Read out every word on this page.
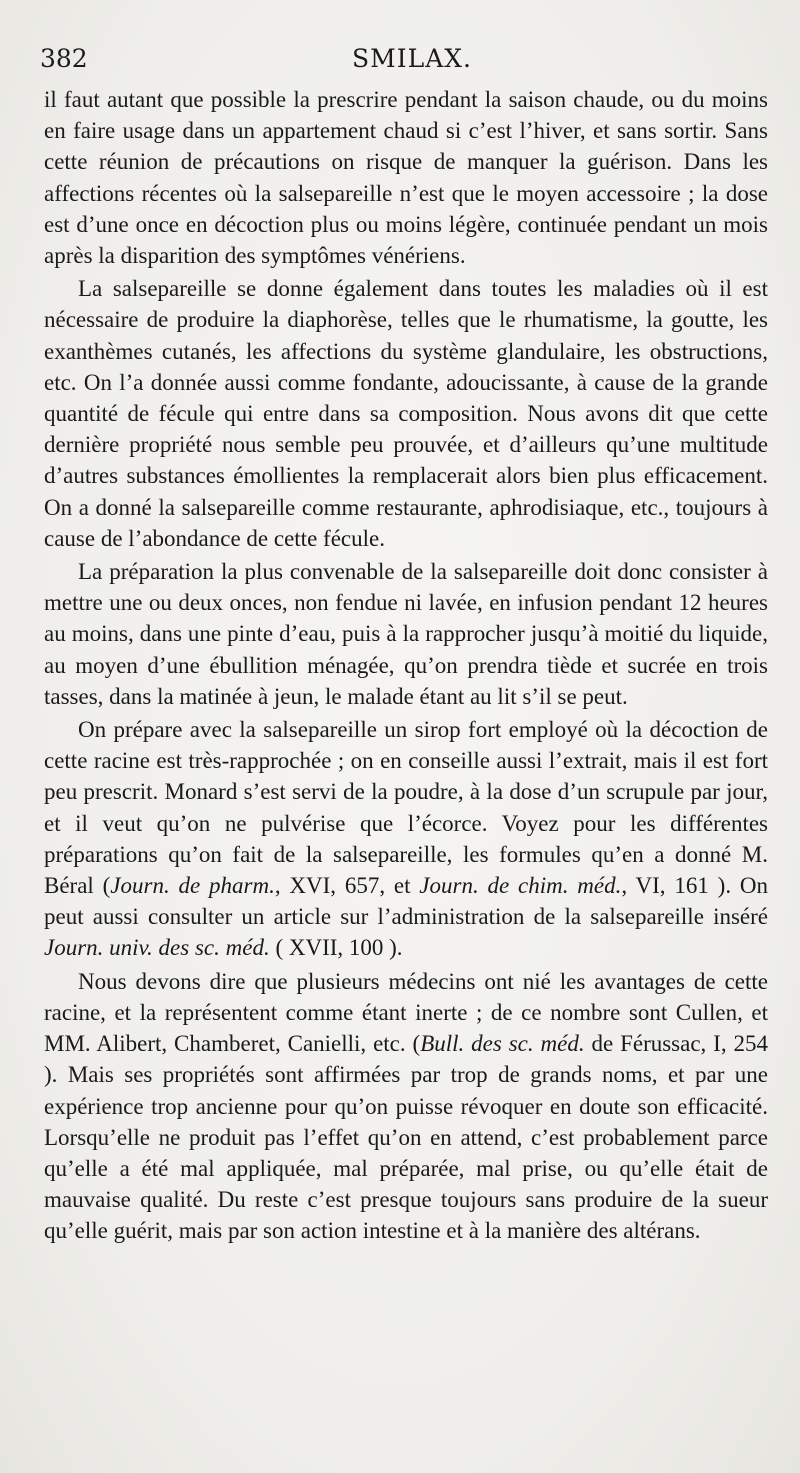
382	SMILAX.

il faut autant que possible la prescrire pendant la saison chaude, ou du moins en faire usage dans un appartement chaud si c’est l’hiver, et sans sortir. Sans cette réunion de précautions on risque de manquer la guérison. Dans les affections récentes où la salsepareille n’est que le moyen accessoire ; la dose est d’une once en décoction plus ou moins légère, continuée pendant un mois après la disparition des symptômes vénériens.

La salsepareille se donne également dans toutes les maladies où il est nécessaire de produire la diaphorèse, telles que le rhumatisme, la goutte, les exanthèmes cutanés, les affections du système glandulaire, les obstructions, etc. On l’a donnée aussi comme fondante, adoucissante, à cause de la grande quantité de fécule qui entre dans sa composition. Nous avons dit que cette dernière propriété nous semble peu prouvée, et d’ailleurs qu’une multitude d’autres substances émollientes la remplacerait alors bien plus efficacement. On a donné la salsepareille comme restaurante, aphrodisiaque, etc., toujours à cause de l’abondance de cette fécule.

La préparation la plus convenable de la salsepareille doit donc consister à mettre une ou deux onces, non fendue ni lavée, en infusion pendant 12 heures au moins, dans une pinte d’eau, puis à la rapprocher jusqu’à moitié du liquide, au moyen d’une ébullition ménagée, qu’on prendra tiède et sucrée en trois tasses, dans la matinée à jeun, le malade étant au lit s’il se peut.

On prépare avec la salsepareille un sirop fort employé où la décoction de cette racine est très-rapprochée ; on en conseille aussi l’extrait, mais il est fort peu prescrit. Monard s’est servi de la poudre, à la dose d’un scrupule par jour, et il veut qu’on ne pulvérise que l’écorce. Voyez pour les différentes préparations qu’on fait de la salsepareille, les formules qu’en a donné M. Béral (Journ. de pharm., XVI, 657, et Journ. de chim. méd., VI, 161 ). On peut aussi consulter un article sur l’administration de la salsepareille inséré Journ. univ. des sc. méd. ( XVII, 100 ).

Nous devons dire que plusieurs médecins ont nié les avantages de cette racine, et la représentent comme étant inerte ; de ce nombre sont Cullen, et MM. Alibert, Chamberet, Canielli, etc. (Bull. des sc. méd. de Férussac, I, 254 ). Mais ses propriétés sont affirmées par trop de grands noms, et par une expérience trop ancienne pour qu’on puisse révoquer en doute son efficacité. Lorsqu’elle ne produit pas l’effet qu’on en attend, c’est probablement parce qu’elle a été mal appliquée, mal préparée, mal prise, ou qu’elle était de mauvaise qualité. Du reste c’est presque toujours sans produire de la sueur qu’elle guérit, mais par son action intestine et à la manière des altérans.
